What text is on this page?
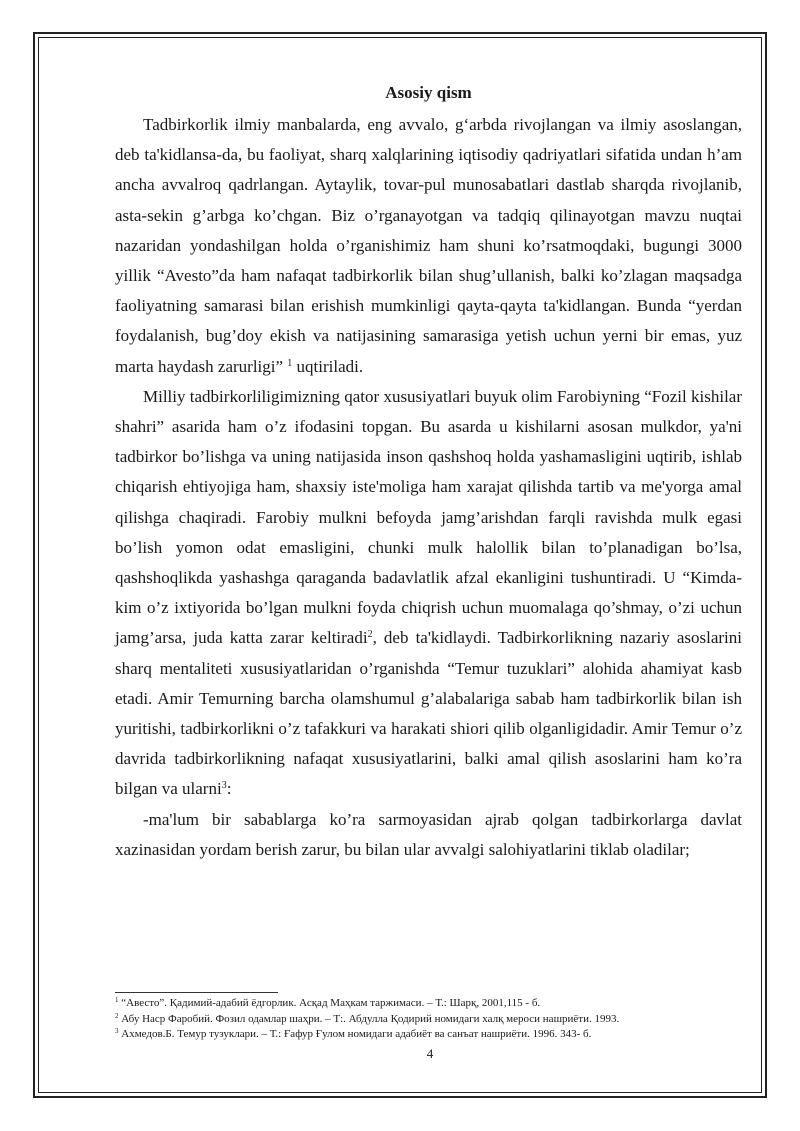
Asosiy qism

Tadbirkorlik ilmiy manbalarda, eng avvalo, g‘arbda rivojlangan va ilmiy asoslangan, deb ta'kidlansa-da, bu faoliyat, sharq xalqlarining iqtisodiy qadriyatlari sifatida undan h’am ancha avvalroq qadrlangan. Aytaylik, tovar-pul munosabatlari dastlab sharqda rivojlanib, asta-sekin g’arbga ko’chgan. Biz o’rganayotgan va tadqiq qilinayotgan mavzu nuqtai nazaridan yondashilgan holda o’rganishimiz ham shuni ko’rsatmoqdaki, bugungi 3000 yillik “Avesto”da ham nafaqat tadbirkorlik bilan shug’ullanish, balki ko’zlagan maqsadga faoliyatning samarasi bilan erishish mumkinligi qayta-qayta ta'kidlangan. Bunda “yerdan foydalanish, bug’doy ekish va natijasining samarasiga yetish uchun yerni bir emas, yuz marta haydash zarurligi” $^1$ uqtiriladi.

Milliy tadbirkorliligimizning qator xususiyatlari buyuk olim Farobiyning “Fozil kishilar shahri” asarida ham o’z ifodasini topgan. Bu asarda u kishilarni asosan mulkdor, ya'ni tadbirkor bo’lishga va uning natijasida inson qashshoq holda yashamasligini uqtirib, ishlab chiqarish ehtiyojiga ham, shaxsiy iste'moliga ham xarajat qilishda tartib va me'yorga amal qilishga chaqiradi. Farobiy mulkni befoyda jamg’arishdan farqli ravishda mulk egasi bo’lish yomon odat emasligini, chunki mulk halollik bilan to’planadigan bo’lsa, qashshoqlikda yashashga qaraganda badavlatlik afzal ekanligini tushuntiradi. U “Kimda-kim o’z ixtiyorida bo’lgan mulkni foyda chiqrish uchun muomalaga qo’shmay, o’zi uchun jamg’arsa, juda katta zarar keltiradi$^2$, deb ta'kidlaydi. Tadbirkorlikning nazariy asoslarini sharq mentaliteti xususiyatlaridan o’rganishda “Temur tuzuklari” alohida ahamiyat kasb etadi. Amir Temurning barcha olamshumul g’alabalariga sabab ham tadbirkorlik bilan ish yuritishi, tadbirkorlikni o’z tafakkuri va harakati shiori qilib olganligidadir. Amir Temur o’z davrida tadbirkorlikning nafaqat xususiyatlarini, balki amal qilish asoslarini ham ko’ra bilgan va ularni$^3$:

-ma'lum bir sabablarga ko’ra sarmoyasidan ajrab qolgan tadbirkorlarga davlat xazinasidan yordam berish zarur, bu bilan ular avvalgi salohiyatlarini tiklab oladilar;

$^1$ “Авесто”. Қадимий-адабий ёдгорлик. Асқад Маҳкам таржимаси. – Т.: Шарқ, 2001,115 - б.

$^2$ Абу Наср Фаробий. Фозил одамлар шаҳри. – Т:. Абдулла Қодирий номидаги халқ мероси нашриёти. 1993.

$^3$ Ахмедов.Б. Темур тузуклари. – Т.: Ғафур Ғулом номидаги адабиёт ва санъат нашриёти. 1996. 343- б.

4
